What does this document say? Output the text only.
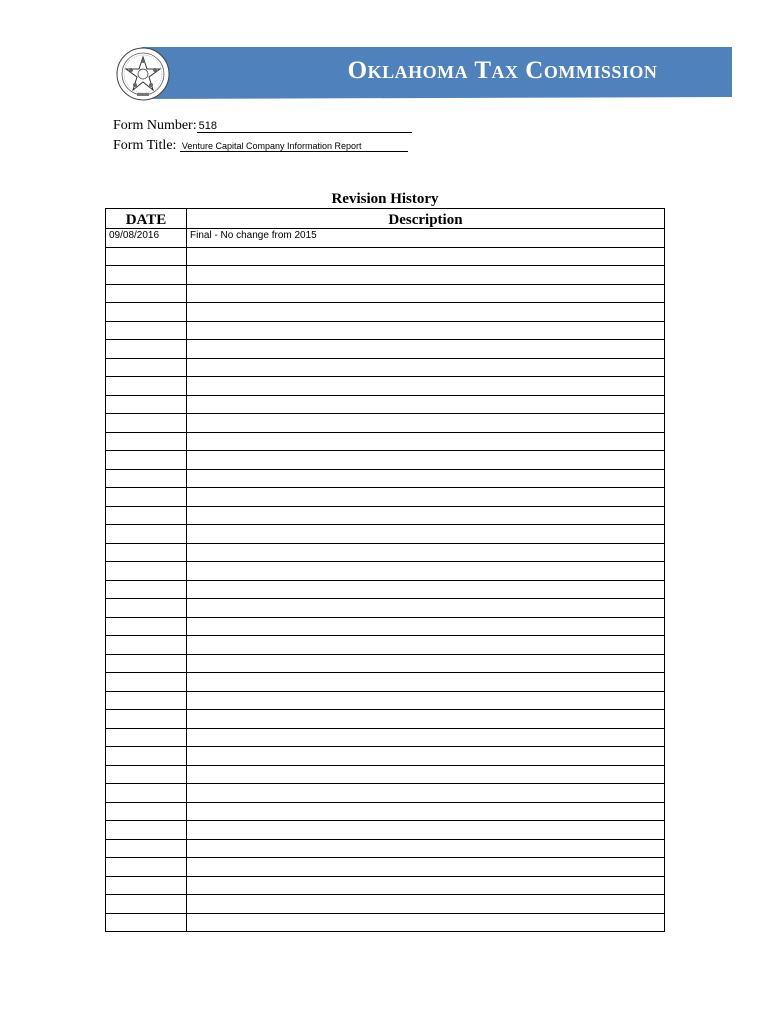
Oklahoma Tax Commission
Form Number: 518
Form Title: Venture Capital Company Information Report
Revision History
DATE	Description
09/08/2016	Final - No change from 2015
